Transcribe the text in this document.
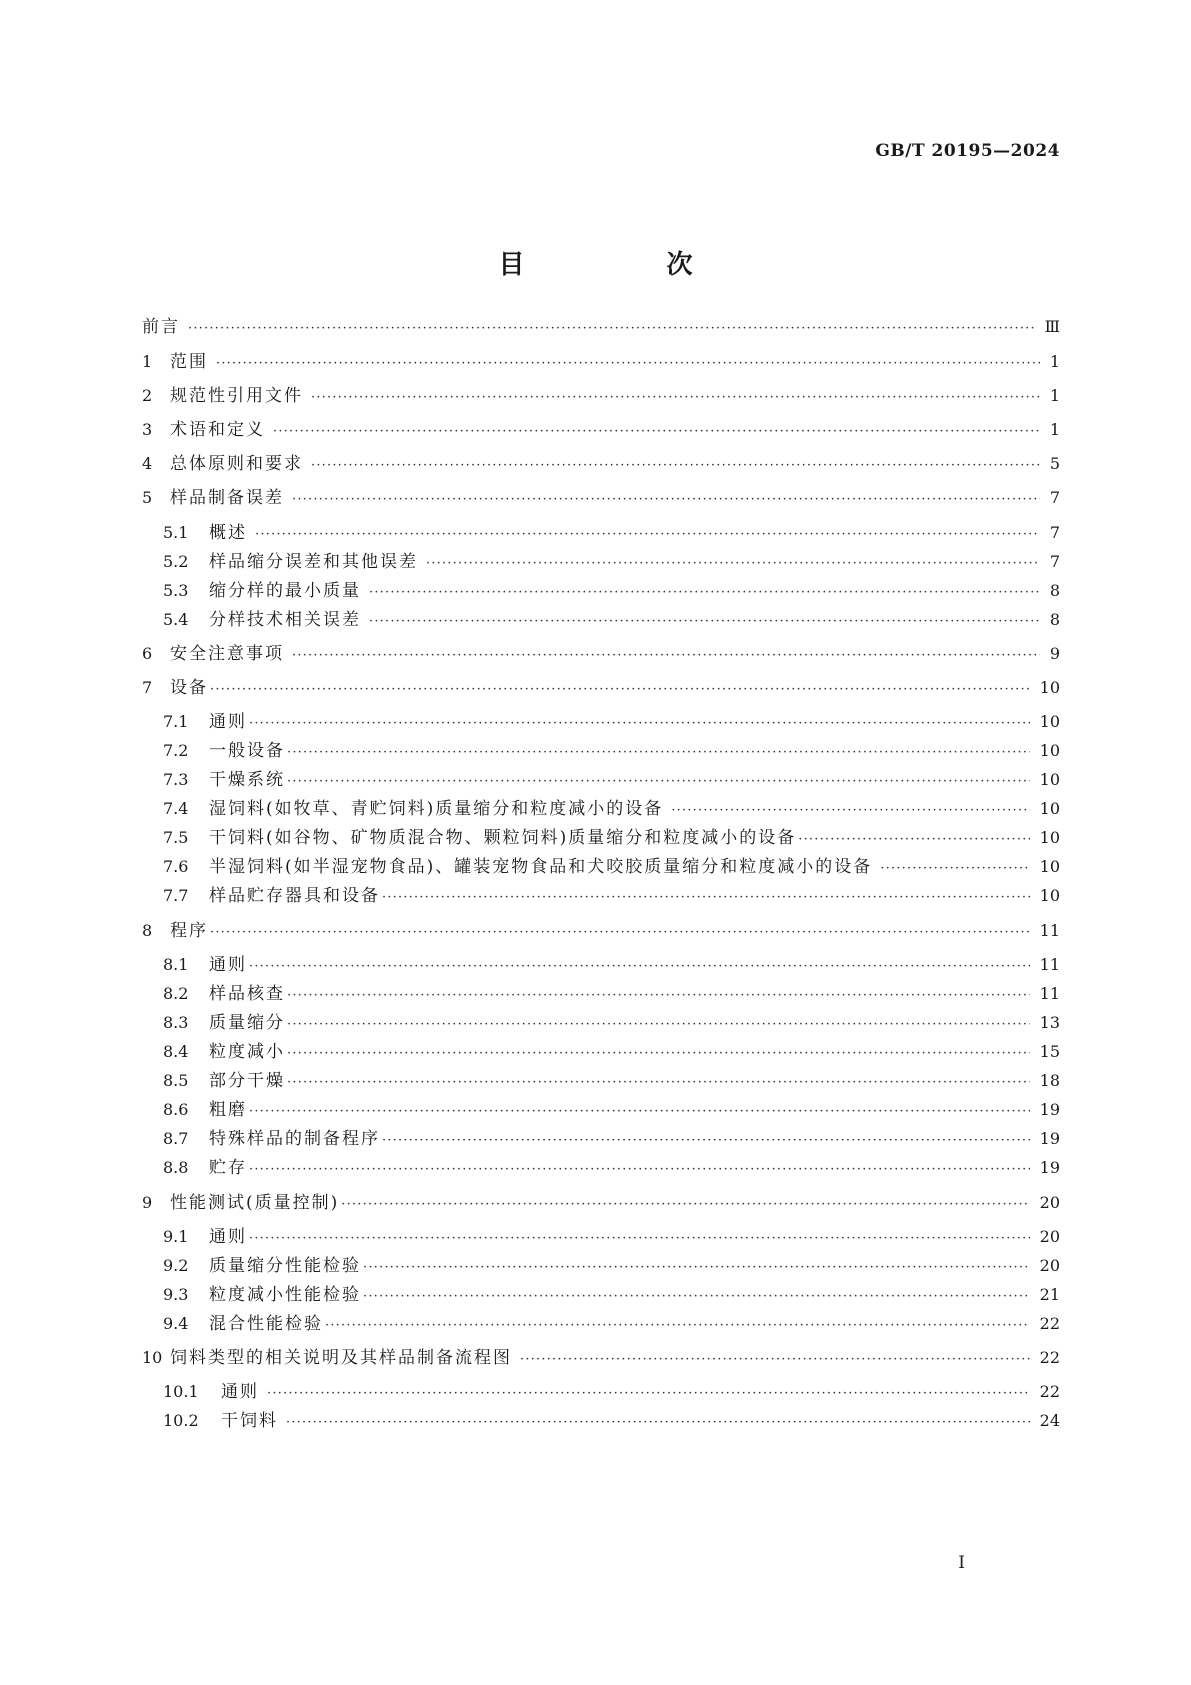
GB/T 20195—2024
目　次
前言 ·····	Ⅲ
1	范围 ·····	1
2	规范性引用文件 ·····	1
3	术语和定义 ·····	1
4	总体原则和要求 ·····	5
5	样品制备误差 ·····	7
5.1	概述 ·····	7
5.2	样品缩分误差和其他误差 ·····	7
5.3	缩分样的最小质量 ·····	8
5.4	分样技术相关误差 ·····	8
6	安全注意事项 ·····	9
7	设备 ·····	10
7.1	通则 ·····	10
7.2	一般设备 ·····	10
7.3	干燥系统 ·····	10
7.4	湿饲料(如牧草、青贮饲料)质量缩分和粒度减小的设备 ·····	10
7.5	干饲料(如谷物、矿物质混合物、颗粒饲料)质量缩分和粒度减小的设备 ·····	10
7.6	半湿饲料(如半湿宠物食品)、罐装宠物食品和犬咬胶质量缩分和粒度减小的设备 ·····	10
7.7	样品贮存器具和设备 ·····	10
8	程序 ·····	11
8.1	通则 ·····	11
8.2	样品核查 ·····	11
8.3	质量缩分 ·····	13
8.4	粒度减小 ·····	15
8.5	部分干燥 ·····	18
8.6	粗磨 ·····	19
8.7	特殊样品的制备程序 ·····	19
8.8	贮存 ·····	19
9	性能测试(质量控制) ·····	20
9.1	通则 ·····	20
9.2	质量缩分性能检验 ·····	20
9.3	粒度减小性能检验 ·····	21
9.4	混合性能检验 ·····	22
10 饲料类型的相关说明及其样品制备流程图 ·····	22
10.1	通则 ·····	22
10.2	干饲料 ·····	24
I
